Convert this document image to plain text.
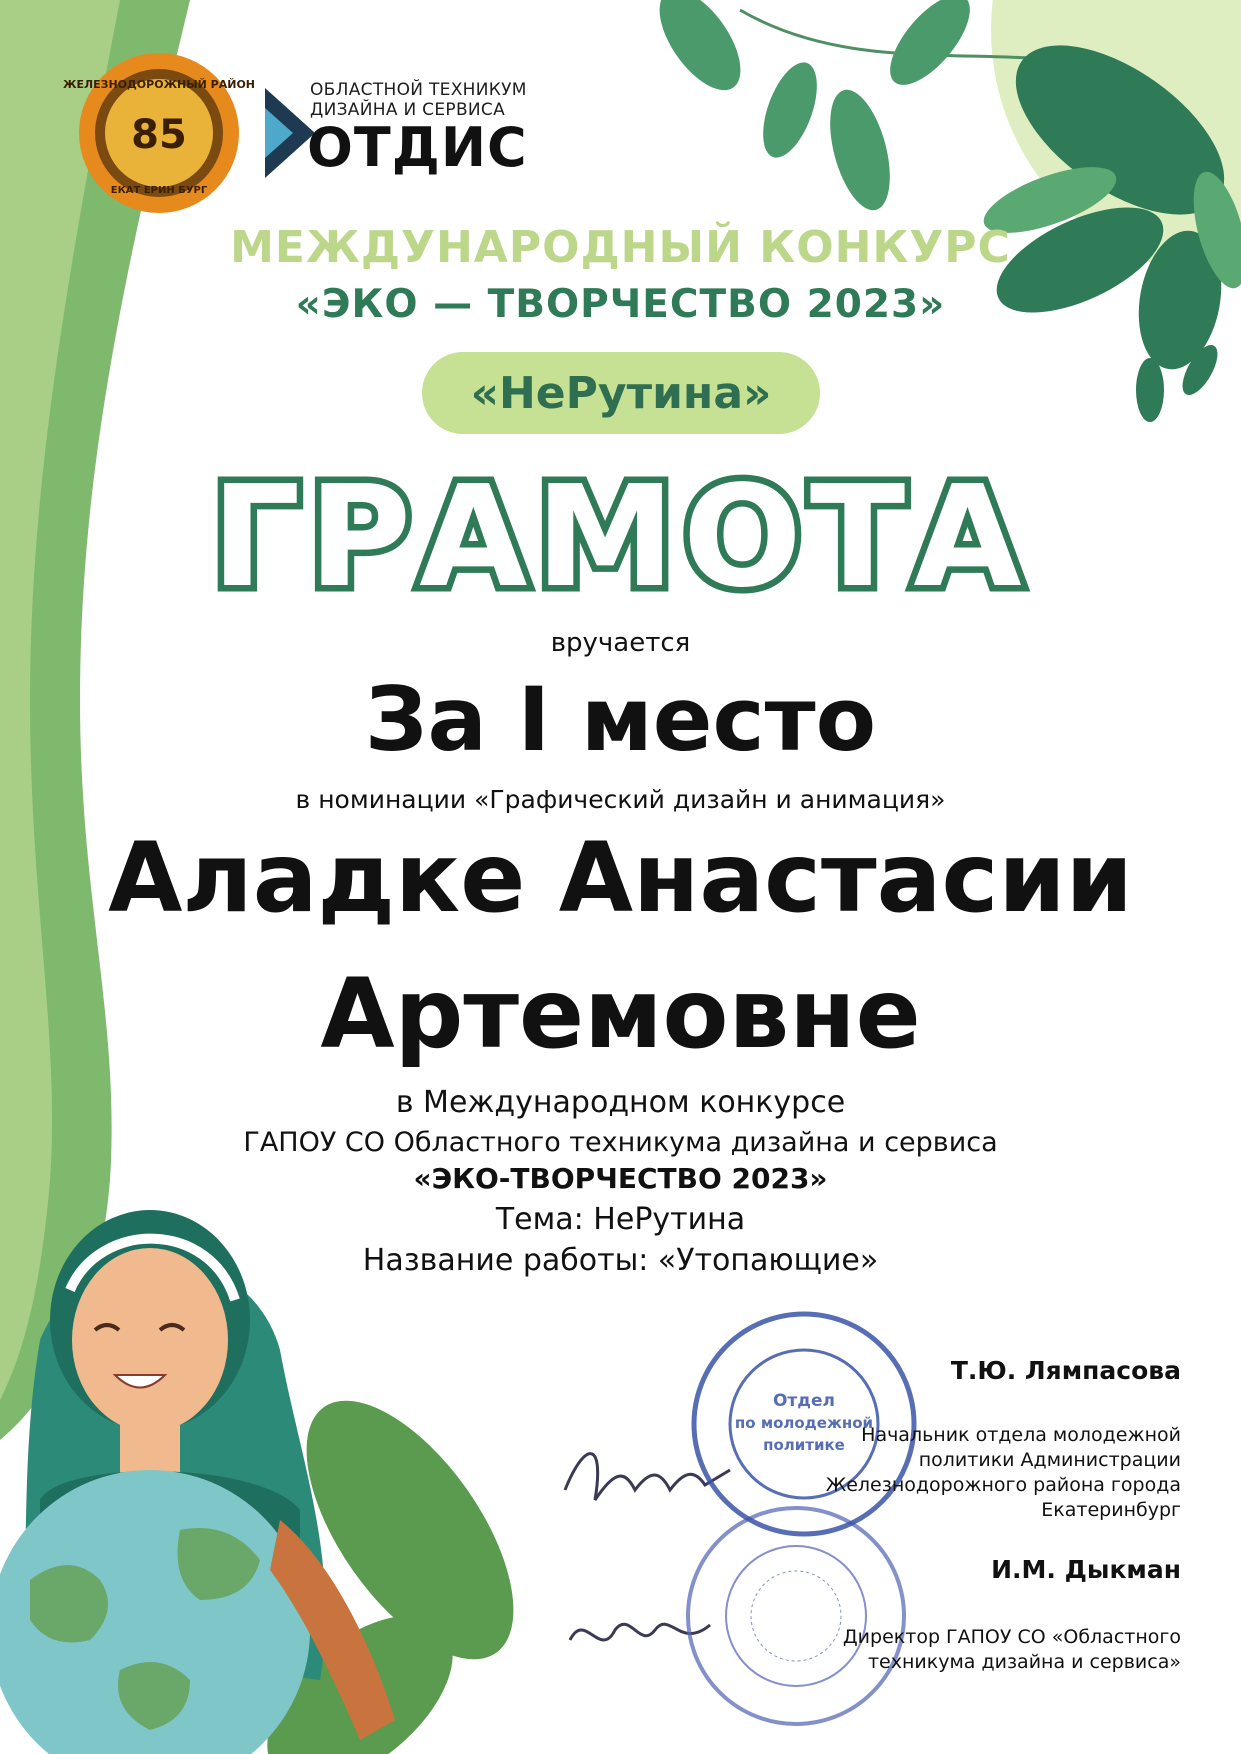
ЖЕЛЕЗНОДОРОЖНЫЙ РАЙОН
85
ЕКАТ ЕРИН БУРГ
ОБЛАСТНОЙ ТЕХНИКУМ
ДИЗАЙНА И СЕРВИСА
ОТДИС
МЕЖДУНАРОДНЫЙ КОНКУРС
«ЭКО — ТВОРЧЕСТВО 2023»
«НеРутина»
ГРАМОТА
вручается
За I место
в номинации «Графический дизайн и анимация»
Аладке Анастасии
Артемовне
в Международном конкурсе
ГАПОУ СО Областного техникума дизайна и сервиса
«ЭКО-ТВОРЧЕСТВО 2023»
Тема: НеРутина
Название работы: «Утопающие»
Отдел
по молодежной
политике
Т.Ю. Лямпасова
Начальник отдела молодежной
политики Администрации
Железнодорожного района города
Екатеринбург
И.М. Дыкман
Директор ГАПОУ СО «Областного
техникума дизайна и сервиса»
